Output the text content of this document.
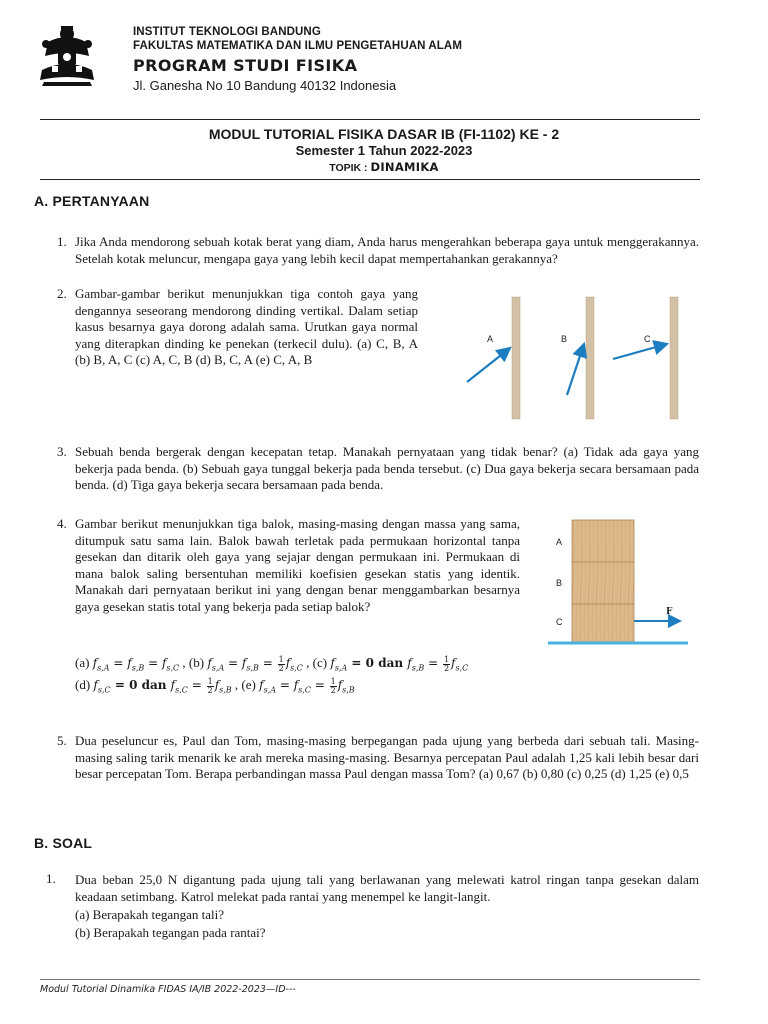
INSTITUT TEKNOLOGI BANDUNG
FAKULTAS MATEMATIKA DAN ILMU PENGETAHUAN ALAM
PROGRAM STUDI FISIKA
Jl. Ganesha No 10 Bandung 40132 Indonesia
MODUL TUTORIAL FISIKA DASAR IB (FI-1102) KE - 2
Semester 1 Tahun 2022-2023
TOPIK : DINAMIKA
A. PERTANYAAN
1. Jika Anda mendorong sebuah kotak berat yang diam, Anda harus mengerahkan beberapa gaya untuk menggerakannya. Setelah kotak meluncur, mengapa gaya yang lebih kecil dapat mempertahankan gerakannya?
2. Gambar-gambar berikut menunjukkan tiga contoh gaya yang dengannya seseorang mendorong dinding vertikal. Dalam setiap kasus besarnya gaya dorong adalah sama. Urutkan gaya normal yang diterapkan dinding ke penekan (terkecil dulu). (a) C, B, A (b) B, A, C (c) A, C, B (d) B, C, A (e) C, A, B
A	B	C
3. Sebuah benda bergerak dengan kecepatan tetap. Manakah pernyataan yang tidak benar? (a) Tidak ada gaya yang bekerja pada benda. (b) Sebuah gaya tunggal bekerja pada benda tersebut. (c) Dua gaya bekerja secara bersamaan pada benda. (d) Tiga gaya bekerja secara bersamaan pada benda.
4. Gambar berikut menunjukkan tiga balok, masing-masing dengan massa yang sama, ditumpuk satu sama lain. Balok bawah terletak pada permukaan horizontal tanpa gesekan dan ditarik oleh gaya yang sejajar dengan permukaan ini. Permukaan di mana balok saling bersentuhan memiliki koefisien gesekan statis yang identik. Manakah dari pernyataan berikut ini yang dengan benar menggambarkan besarnya gaya gesekan statis total yang bekerja pada setiap balok?
A
B
C
F
(a) $f_{s,A} = f_{s,B} = f_{s,C}$ , (b) $f_{s,A} = f_{s,B} = \frac{1}{2} f_{s,C}$ , (c) $f_{s,A} = 0$ dan $f_{s,B} = \frac{1}{2} f_{s,C}$
(d) $f_{s,C} = 0$ dan $f_{s,C} = \frac{1}{2} f_{s,B}$ , (e) $f_{s,A} = f_{s,C} = \frac{1}{2} f_{s,B}$
5. Dua peseluncur es, Paul dan Tom, masing-masing berpegangan pada ujung yang berbeda dari sebuah tali. Masing-masing saling tarik menarik ke arah mereka masing-masing. Besarnya percepatan Paul adalah 1,25 kali lebih besar dari besar percepatan Tom. Berapa perbandingan massa Paul dengan massa Tom? (a) 0,67 (b) 0,80 (c) 0,25 (d) 1,25 (e) 0,5
B. SOAL
1. Dua beban 25,0 N digantung pada ujung tali yang berlawanan yang melewati katrol ringan tanpa gesekan dalam keadaan setimbang. Katrol melekat pada rantai yang menempel ke langit-langit.
(a) Berapakah tegangan tali?
(b) Berapakah tegangan pada rantai?
Modul Tutorial Dinamika FIDAS IA/IB 2022-2023—ID---
